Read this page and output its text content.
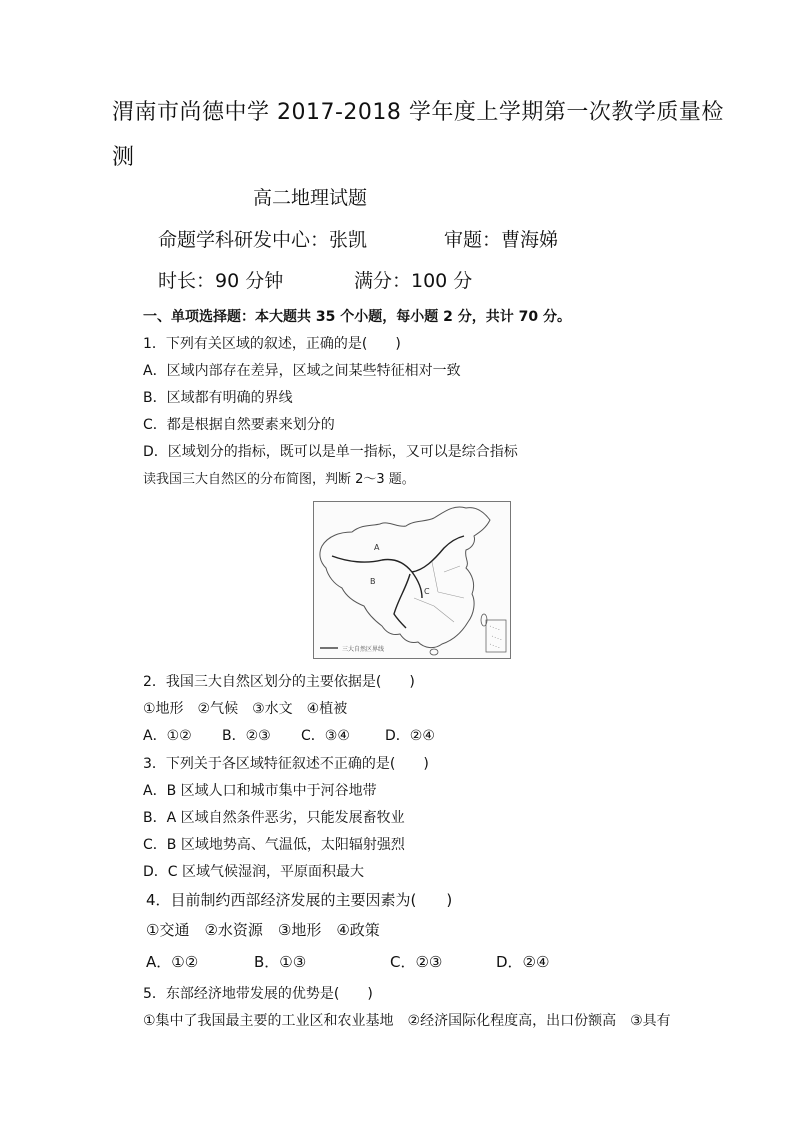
渭南市尚德中学 2017-2018 学年度上学期第一次教学质量检
测
高二地理试题
命题学科研发中心：张凯	审题：曹海娣
时长：90 分钟	满分：100 分
一、单项选择题：本大题共 35 个小题，每小题 2 分，共计 70 分。
1．下列有关区域的叙述，正确的是(　　)
A．区域内部存在差异，区域之间某些特征相对一致
B．区域都有明确的界线
C．都是根据自然要素来划分的
D．区域划分的指标，既可以是单一指标，又可以是综合指标
读我国三大自然区的分布简图，判断 2～3 题。
A
B
C
三大自然区界线
2．我国三大自然区划分的主要依据是(　　)
①地形　②气候　③水文　④植被
A．①② B．②③ C．③④	D．②④
3．下列关于各区域特征叙述不正确的是(　　)
A．B 区域人口和城市集中于河谷地带
B．A 区域自然条件恶劣，只能发展畜牧业
C．B 区域地势高、气温低，太阳辐射强烈
D．C 区域气候湿润，平原面积最大
4．目前制约西部经济发展的主要因素为(　　)
①交通　②水资源　③地形　④政策
A．①②	B．①③	C．②③	D．②④
5．东部经济地带发展的优势是(　　)
①集中了我国最主要的工业区和农业基地　②经济国际化程度高，出口份额高　③具有
